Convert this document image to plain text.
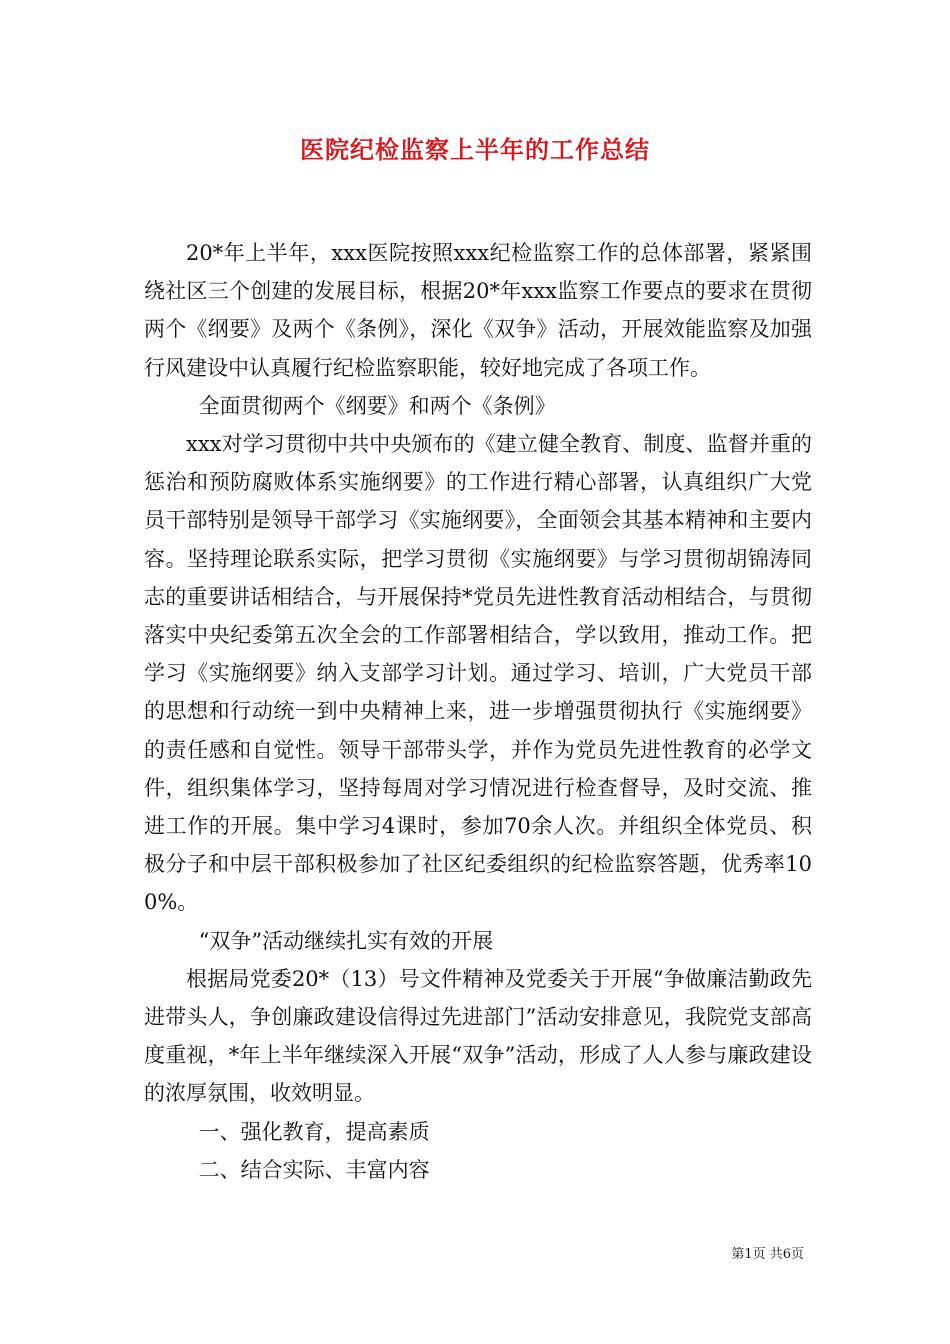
医院纪检监察上半年的工作总结

20*年上半年，xxx医院按照xxx纪检监察工作的总体部署，紧紧围绕社区三个创建的发展目标，根据20*年xxx监察工作要点的要求在贯彻两个《纲要》及两个《条例》，深化《双争》活动，开展效能监察及加强行风建设中认真履行纪检监察职能，较好地完成了各项工作。

全面贯彻两个《纲要》和两个《条例》

xxx对学习贯彻中共中央颁布的《建立健全教育、制度、监督并重的惩治和预防腐败体系实施纲要》的工作进行精心部署，认真组织广大党员干部特别是领导干部学习《实施纲要》，全面领会其基本精神和主要内容。坚持理论联系实际，把学习贯彻《实施纲要》与学习贯彻胡锦涛同志的重要讲话相结合，与开展保持*党员先进性教育活动相结合，与贯彻落实中央纪委第五次全会的工作部署相结合，学以致用，推动工作。把学习《实施纲要》纳入支部学习计划。通过学习、培训，广大党员干部的思想和行动统一到中央精神上来，进一步增强贯彻执行《实施纲要》的责任感和自觉性。领导干部带头学，并作为党员先进性教育的必学文件，组织集体学习，坚持每周对学习情况进行检查督导，及时交流、推进工作的开展。集中学习4课时，参加70余人次。并组织全体党员、积极分子和中层干部积极参加了社区纪委组织的纪检监察答题，优秀率100%。

“双争”活动继续扎实有效的开展

根据局党委20*（13）号文件精神及党委关于开展“争做廉洁勤政先进带头人，争创廉政建设信得过先进部门”活动安排意见，我院党支部高度重视，*年上半年继续深入开展“双争”活动，形成了人人参与廉政建设的浓厚氛围，收效明显。

一、强化教育，提高素质

二、结合实际、丰富内容

第1页 共6页
